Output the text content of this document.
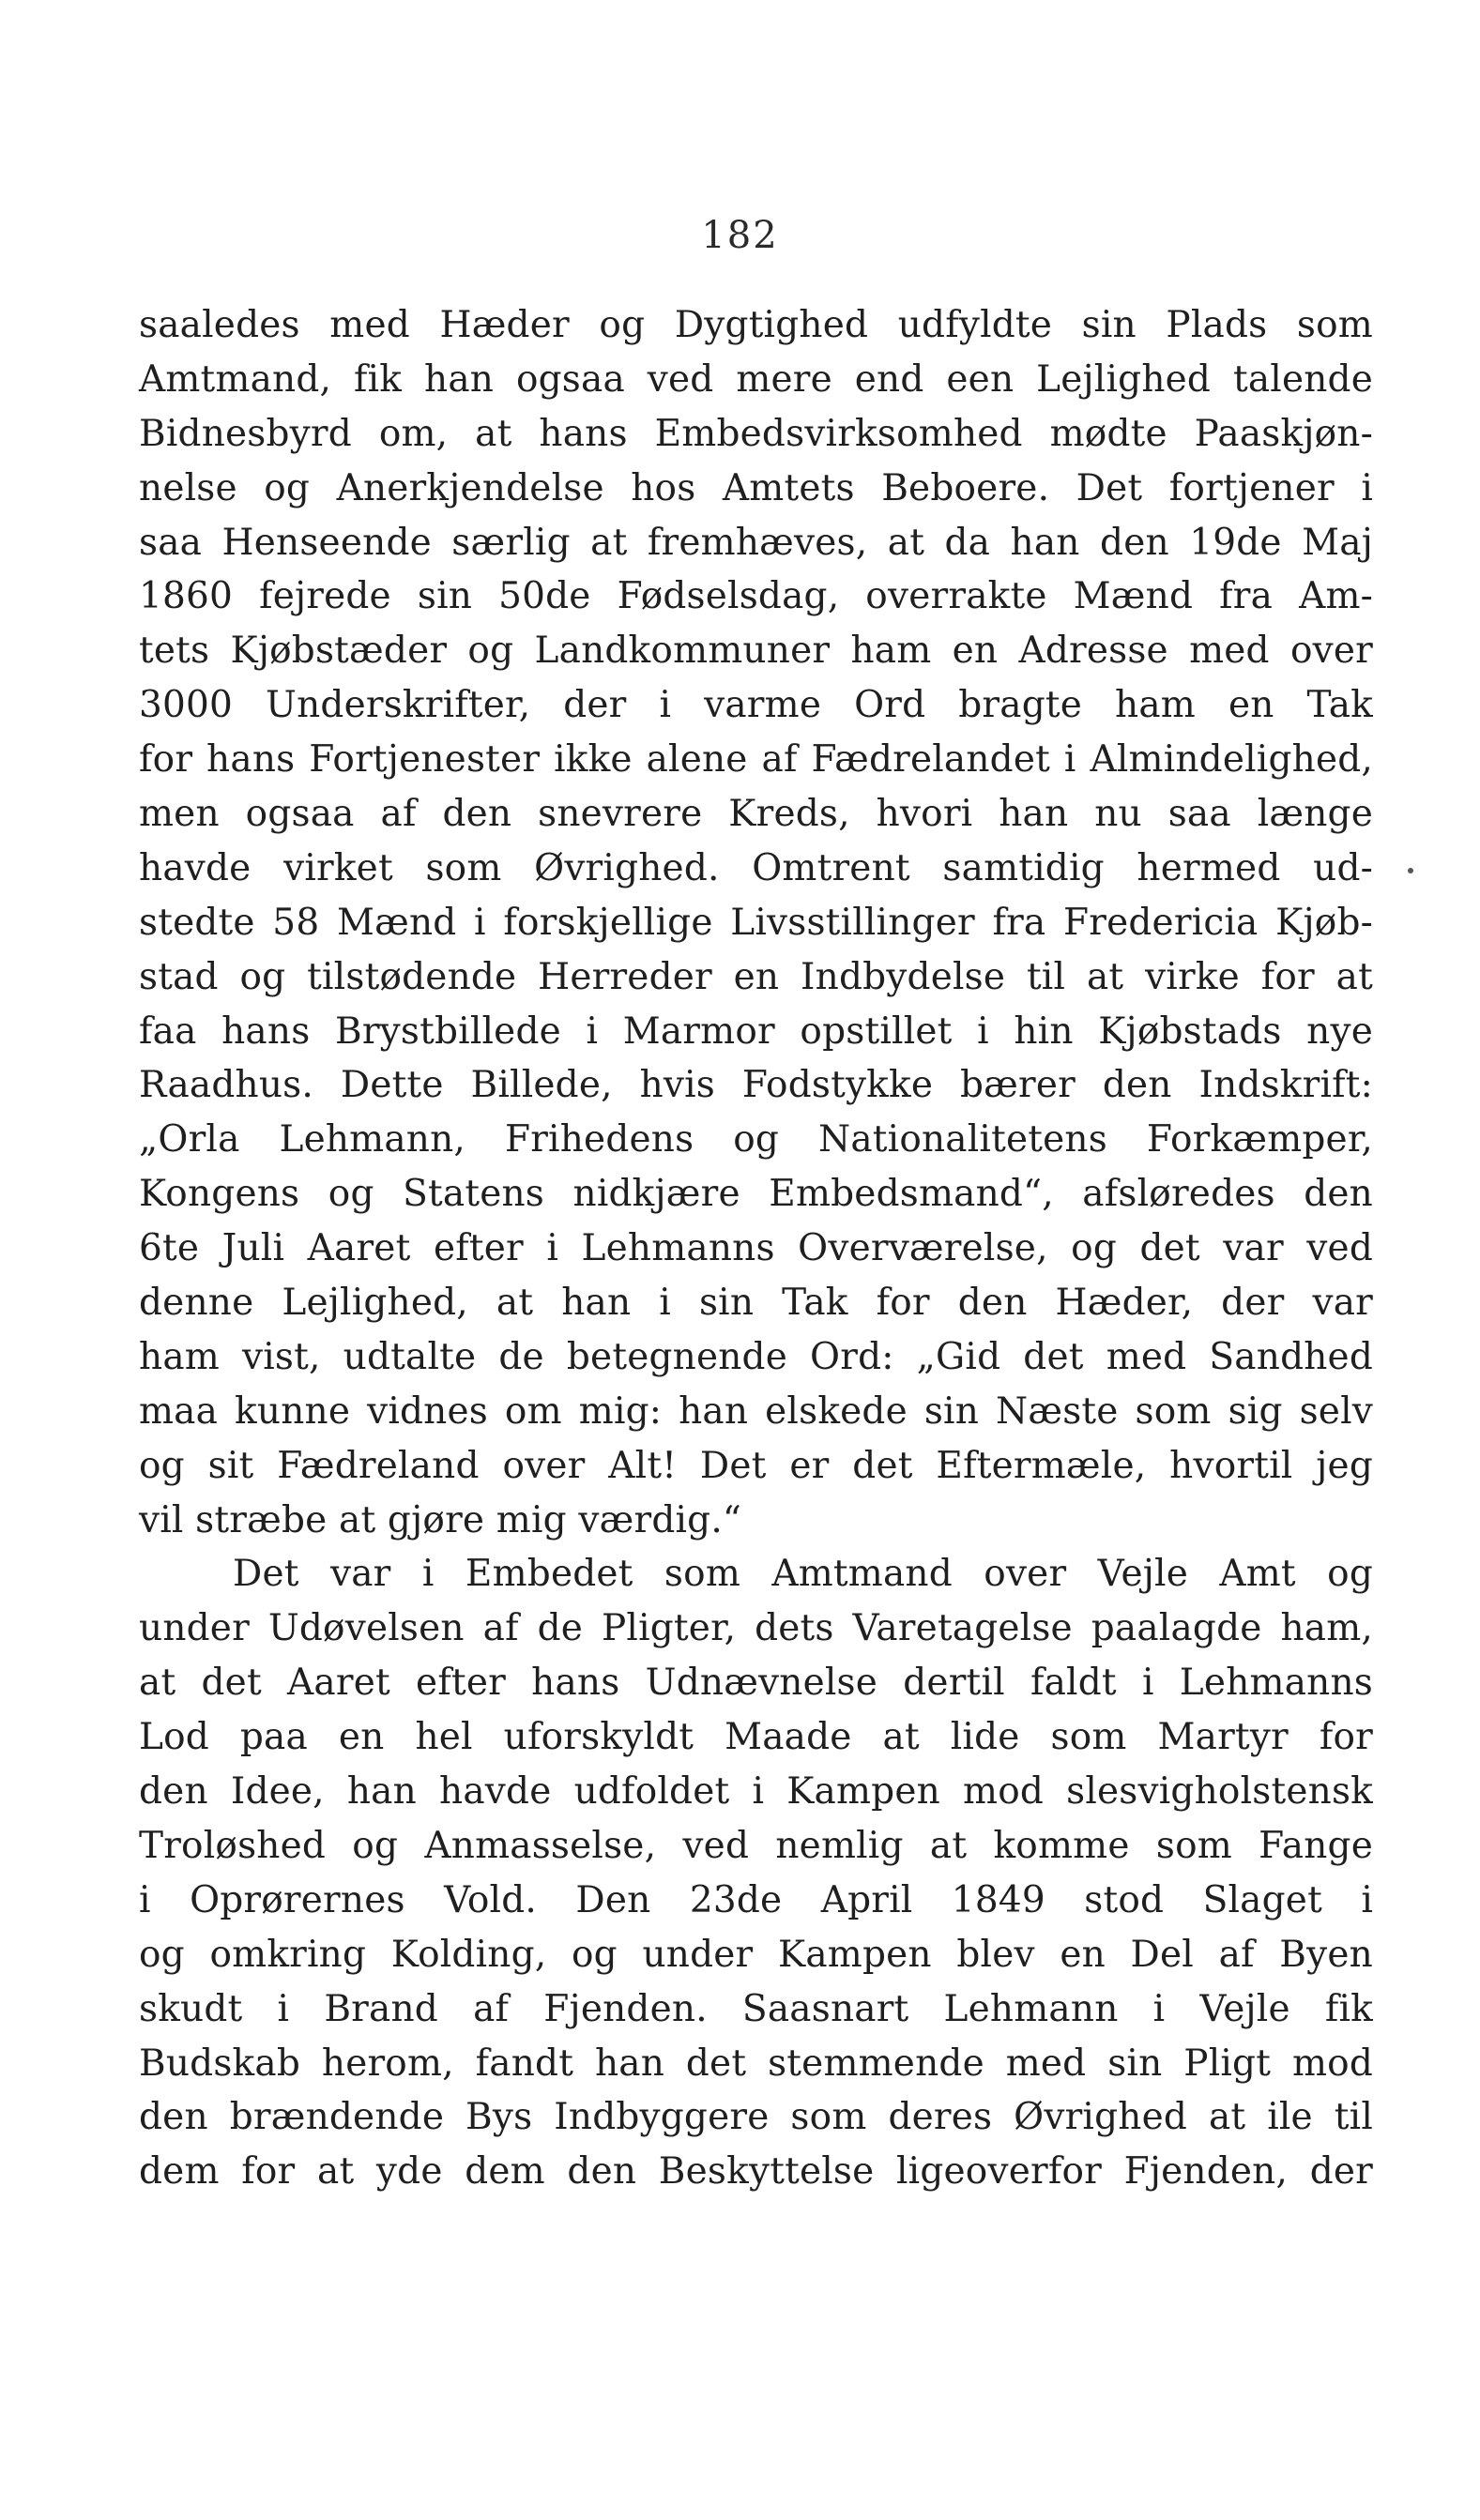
182
saaledes med Hæder og Dygtighed udfyldte sin Plads som
Amtmand, fik han ogsaa ved mere end een Lejlighed talende
Bidnesbyrd om, at hans Embedsvirksomhed mødte Paaskjøn-
nelse og Anerkjendelse hos Amtets Beboere. Det fortjener i
saa Henseende særlig at fremhæves, at da han den 19de Maj
1860 fejrede sin 50de Fødselsdag, overrakte Mænd fra Am-
tets Kjøbstæder og Landkommuner ham en Adresse med over
3000 Underskrifter, der i varme Ord bragte ham en Tak
for hans Fortjenester ikke alene af Fædrelandet i Almindelighed,
men ogsaa af den snevrere Kreds, hvori han nu saa længe
havde virket som Øvrighed. Omtrent samtidig hermed ud-
stedte 58 Mænd i forskjellige Livsstillinger fra Fredericia Kjøb-
stad og tilstødende Herreder en Indbydelse til at virke for at
faa hans Brystbillede i Marmor opstillet i hin Kjøbstads nye
Raadhus. Dette Billede, hvis Fodstykke bærer den Indskrift:
„Orla Lehmann, Frihedens og Nationalitetens Forkæmper,
Kongens og Statens nidkjære Embedsmand“, afsløredes den
6te Juli Aaret efter i Lehmanns Overværelse, og det var ved
denne Lejlighed, at han i sin Tak for den Hæder, der var
ham vist, udtalte de betegnende Ord: „Gid det med Sandhed
maa kunne vidnes om mig: han elskede sin Næste som sig selv
og sit Fædreland over Alt! Det er det Eftermæle, hvortil jeg
vil stræbe at gjøre mig værdig.“
Det var i Embedet som Amtmand over Vejle Amt og
under Udøvelsen af de Pligter, dets Varetagelse paalagde ham,
at det Aaret efter hans Udnævnelse dertil faldt i Lehmanns
Lod paa en hel uforskyldt Maade at lide som Martyr for
den Idee, han havde udfoldet i Kampen mod slesvigholstensk
Troløshed og Anmasselse, ved nemlig at komme som Fange
i Oprørernes Vold. Den 23de April 1849 stod Slaget i
og omkring Kolding, og under Kampen blev en Del af Byen
skudt i Brand af Fjenden. Saasnart Lehmann i Vejle fik
Budskab herom, fandt han det stemmende med sin Pligt mod
den brændende Bys Indbyggere som deres Øvrighed at ile til
dem for at yde dem den Beskyttelse ligeoverfor Fjenden, der
